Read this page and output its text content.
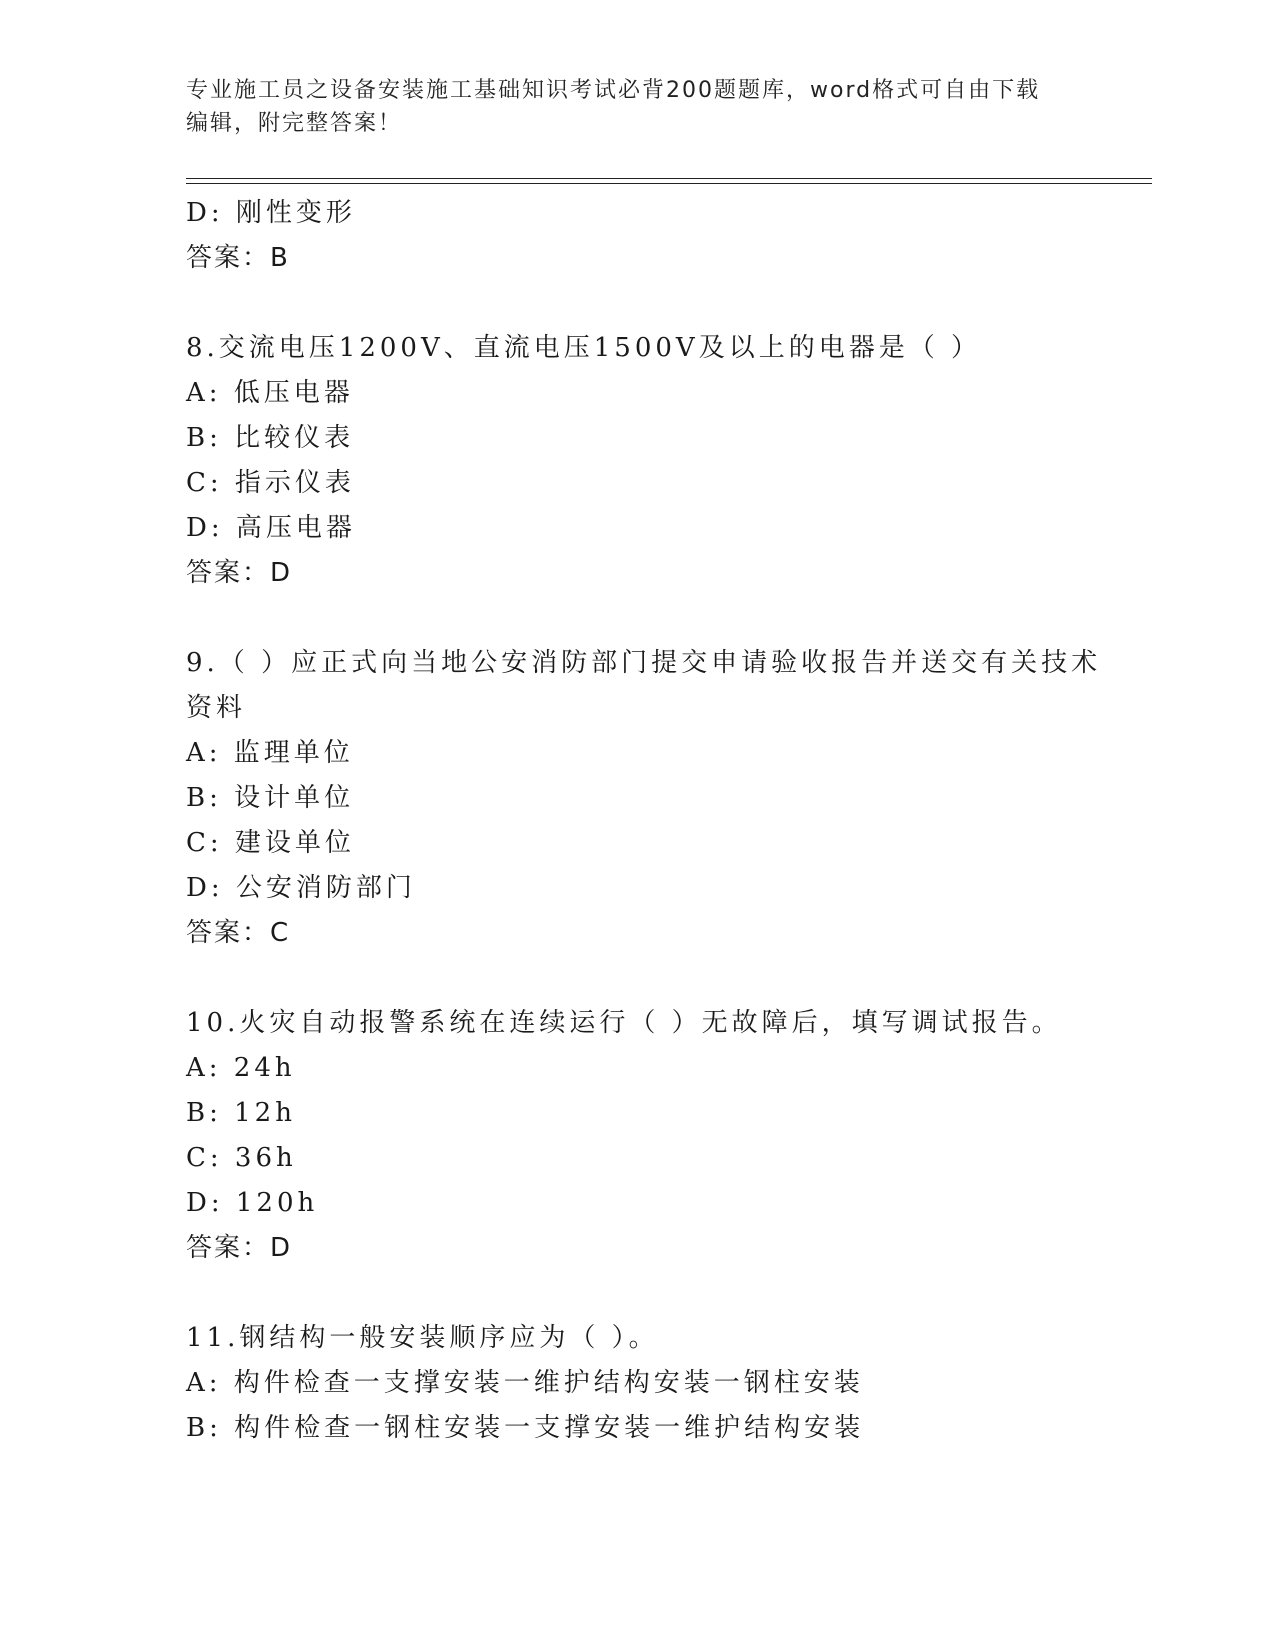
专业施工员之设备安装施工基础知识考试必背200题题库，word格式可自由下载
编辑，附完整答案！
D: 刚性变形
答案：B
8.交流电压1200V、直流电压1500V及以上的电器是（ ）
A: 低压电器
B: 比较仪表
C: 指示仪表
D: 高压电器
答案：D
9.（ ）应正式向当地公安消防部门提交申请验收报告并送交有关技术
资料
A: 监理单位
B: 设计单位
C: 建设单位
D: 公安消防部门
答案：C
10.火灾自动报警系统在连续运行（ ）无故障后，填写调试报告。
A: 24h
B: 12h
C: 36h
D: 120h
答案：D
11.钢结构一般安装顺序应为（ ）。
A: 构件检查一支撑安装一维护结构安装一钢柱安装
B: 构件检查一钢柱安装一支撑安装一维护结构安装
